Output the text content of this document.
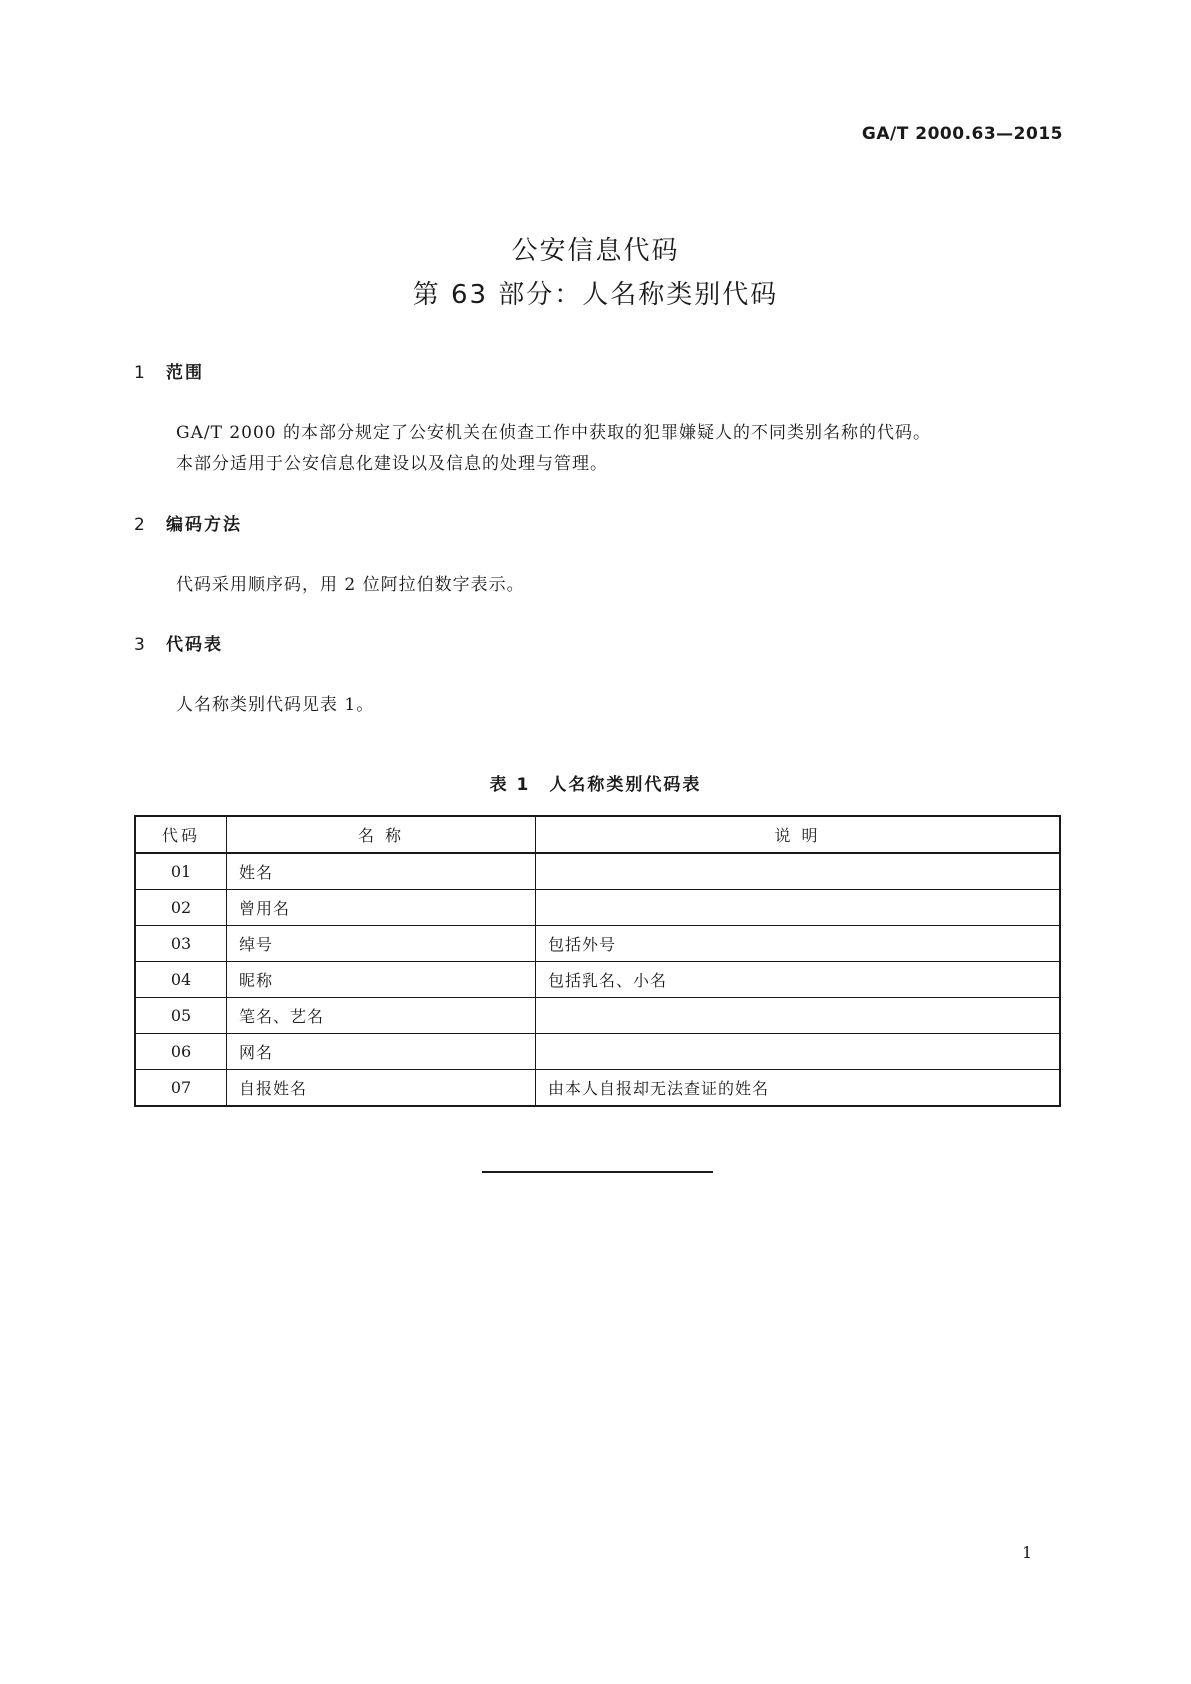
GA/T 2000.63—2015
公安信息代码
第 63 部分：人名称类别代码
1 范围
GA/T 2000 的本部分规定了公安机关在侦查工作中获取的犯罪嫌疑人的不同类别名称的代码。
本部分适用于公安信息化建设以及信息的处理与管理。
2 编码方法
代码采用顺序码，用 2 位阿拉伯数字表示。
3 代码表
人名称类别代码见表 1。
表 1　人名称类别代码表
代码	名 称	说 明
01	姓名	
02	曾用名	
03	绰号	包括外号
04	昵称	包括乳名、小名
05	笔名、艺名	
06	网名	
07	自报姓名	由本人自报却无法查证的姓名
1
